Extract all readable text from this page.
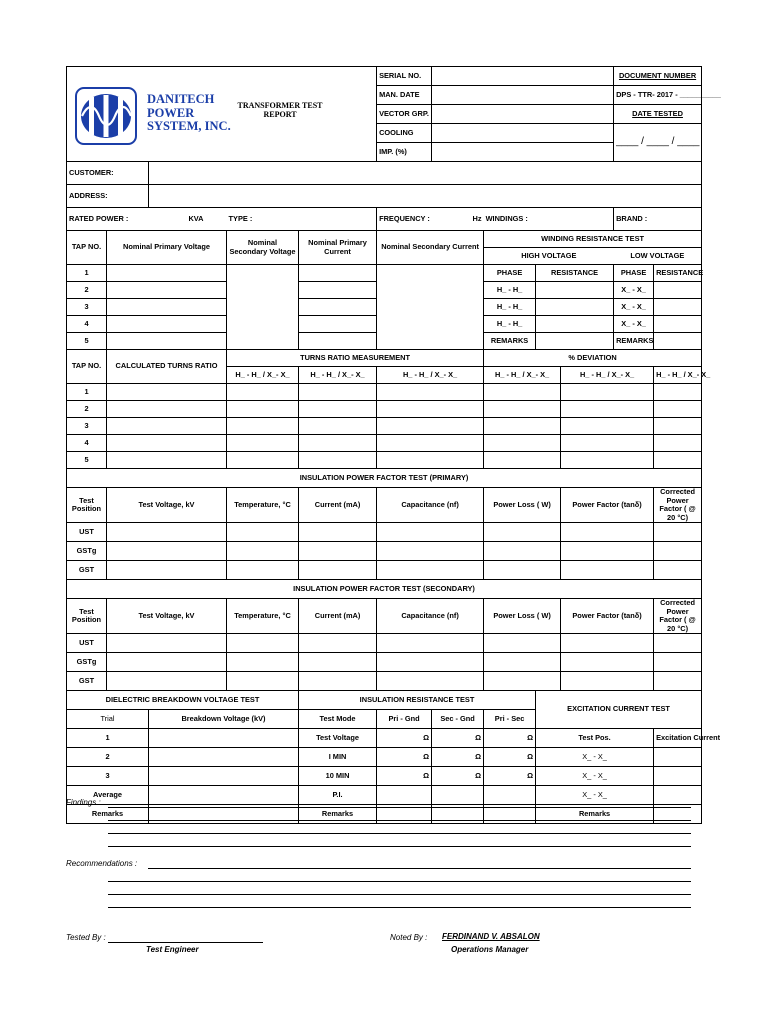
DANITECH
POWER
SYSTEM, INC.
TRANSFORMER TEST
REPORT					SERIAL NO.					DOCUMENT NUMBER	
					MAN. DATE					DPS - TTR- 2017 - __________	
					VECTOR GRP.					DATE TESTED	
					COOLING					____ / ____ / ____	
					IMP. (%)						
CUSTOMER:											
ADDRESS:											
RATED POWER : KVA			TYPE :		FREQUENCY : Hz		WINDINGS :			BRAND :	
TAP NO.	Nominal Primary Voltage		Nominal Secondary Voltage	Nominal Primary Current	Nominal Secondary Current		WINDING RESISTANCE TEST				
							HIGH VOLTAGE			LOW VOLTAGE	
1							PHASE	RESISTANCE		PHASE	RESISTANCE
2							H_ - H_			X_ - X_	
3							H_ - H_			X_ - X_	
4							H_ - H_			X_ - X_	
5							REMARKS			REMARKS	
TAP NO.	CALCULATED TURNS RATIO		TURNS RATIO MEASUREMENT				% DEVIATION				
			H_ - H_ / X_- X_	H_ - H_ / X_- X_	H_ - H_ / X_- X_		H_ - H_ / X_- X_		H_ - H_ / X_- X_		H_ - H_ / X_- X_
1											
2											
3											
4											
5											
INSULATION POWER FACTOR TEST (PRIMARY)											
Test Position	Test Voltage, kV		Temperature, °C	Current (mA)	Capacitance (nf)		Power Loss ( W)		Power Factor (tanδ)		Corrected Power Factor ( @ 20 °C)
UST											
GSTg											
GST											
INSULATION POWER FACTOR TEST (SECONDARY)											
Test Position	Test Voltage, kV		Temperature, °C	Current (mA)	Capacitance (nf)		Power Loss ( W)		Power Factor (tanδ)		Corrected Power Factor ( @ 20 °C)
UST											
GSTg											
GST											
DIELECTRIC BREAKDOWN VOLTAGE TEST				INSULATION RESISTANCE TEST				EXCITATION CURRENT TEST			
Trial		Breakdown Voltage (kV)		Test Mode	Pri - Gnd	Sec - Gnd	Pri - Sec				
1				Test Voltage	Ω	Ω	Ω	Test Pos.			Excitation Current
2				I MIN	Ω	Ω	Ω	X_ - X_			
3				10 MIN	Ω	Ω	Ω	X_ - X_			
Average				P.I.				X_ - X_			
Remarks				Remarks				Remarks			
Findings :
Recommendations :
Tested By :
Test Engineer
Noted By : FERDINAND V. ABSALON
Operations Manager
